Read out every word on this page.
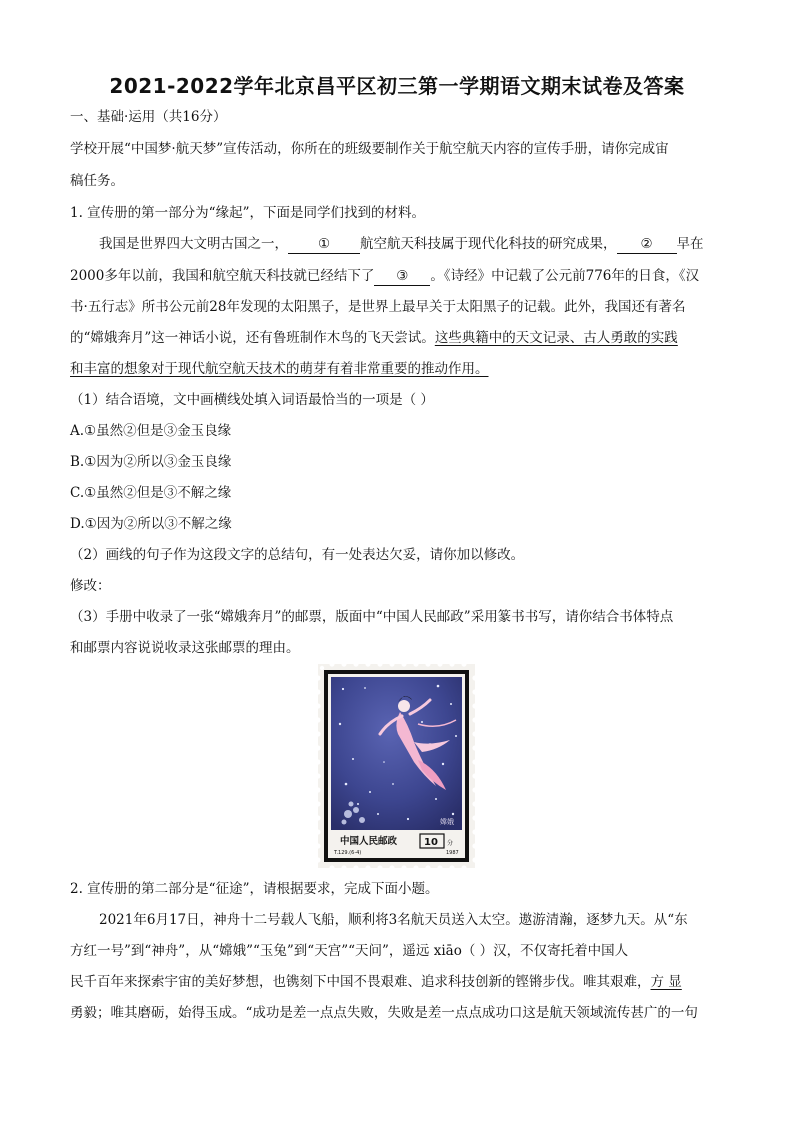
2021-2022学年北京昌平区初三第一学期语文期末试卷及答案
一、基础·运用（共16分）
学校开展“中国梦·航天梦”宣传活动，你所在的班级要制作关于航空航天内容的宣传手册，请你完成宙
稿任务。
1. 宣传册的第一部分为“缘起”，下面是同学们找到的材料。
我国是世界四大文明古国之一， ① 航空航天科技属于现代化科技的研究成果， ② 早在
2000多年以前，我国和航空航天科技就已经结下了 ③ 。《诗经》中记载了公元前776年的日食，《汉
书·五行志》所书公元前28年发现的太阳黑子，是世界上最早关于太阳黑子的记载。此外，我国还有著名
的“嫦娥奔月”这一神话小说，还有鲁班制作木鸟的飞天尝试。这些典籍中的天文记录、古人勇敢的实践
和丰富的想象对于现代航空航天技术的萌芽有着非常重要的推动作用。
（1）结合语境，文中画横线处填入词语最恰当的一项是（ ）
A.①虽然②但是③金玉良缘
B.①因为②所以③金玉良缘
C.①虽然②但是③不解之缘
D.①因为②所以③不解之缘
（2）画线的句子作为这段文字的总结句，有一处表达欠妥，请你加以修改。
修改：
（3）手册中收录了一张“嫦娥奔月”的邮票，版面中“中国人民邮政”采用篆书书写，请你结合书体特点
和邮票内容说说收录这张邮票的理由。
中国人民邮政	10 分
T.129.(6-4)	1987
嫦娥
2. 宣传册的第二部分是“征途”，请根据要求，完成下面小题。
2021年6月17日，神舟十二号载人飞船，顺利将3名航天员送入太空。遨游清瀚，逐梦九天。从“东
方红一号”到“神舟”，从“嫦娥”“玉兔”到“天宫”“天问”，遥远 xiāo（ ）汉，不仅寄托着中国人
民千百年来探索宇宙的美好梦想，也镌刻下中国不畏艰难、追求科技创新的铿锵步伐。唯其艰难，方 显
勇毅；唯其磨砺，始得玉成。“成功是差一点点失败，失败是差一点点成功口这是航天领域流传甚广的一句
